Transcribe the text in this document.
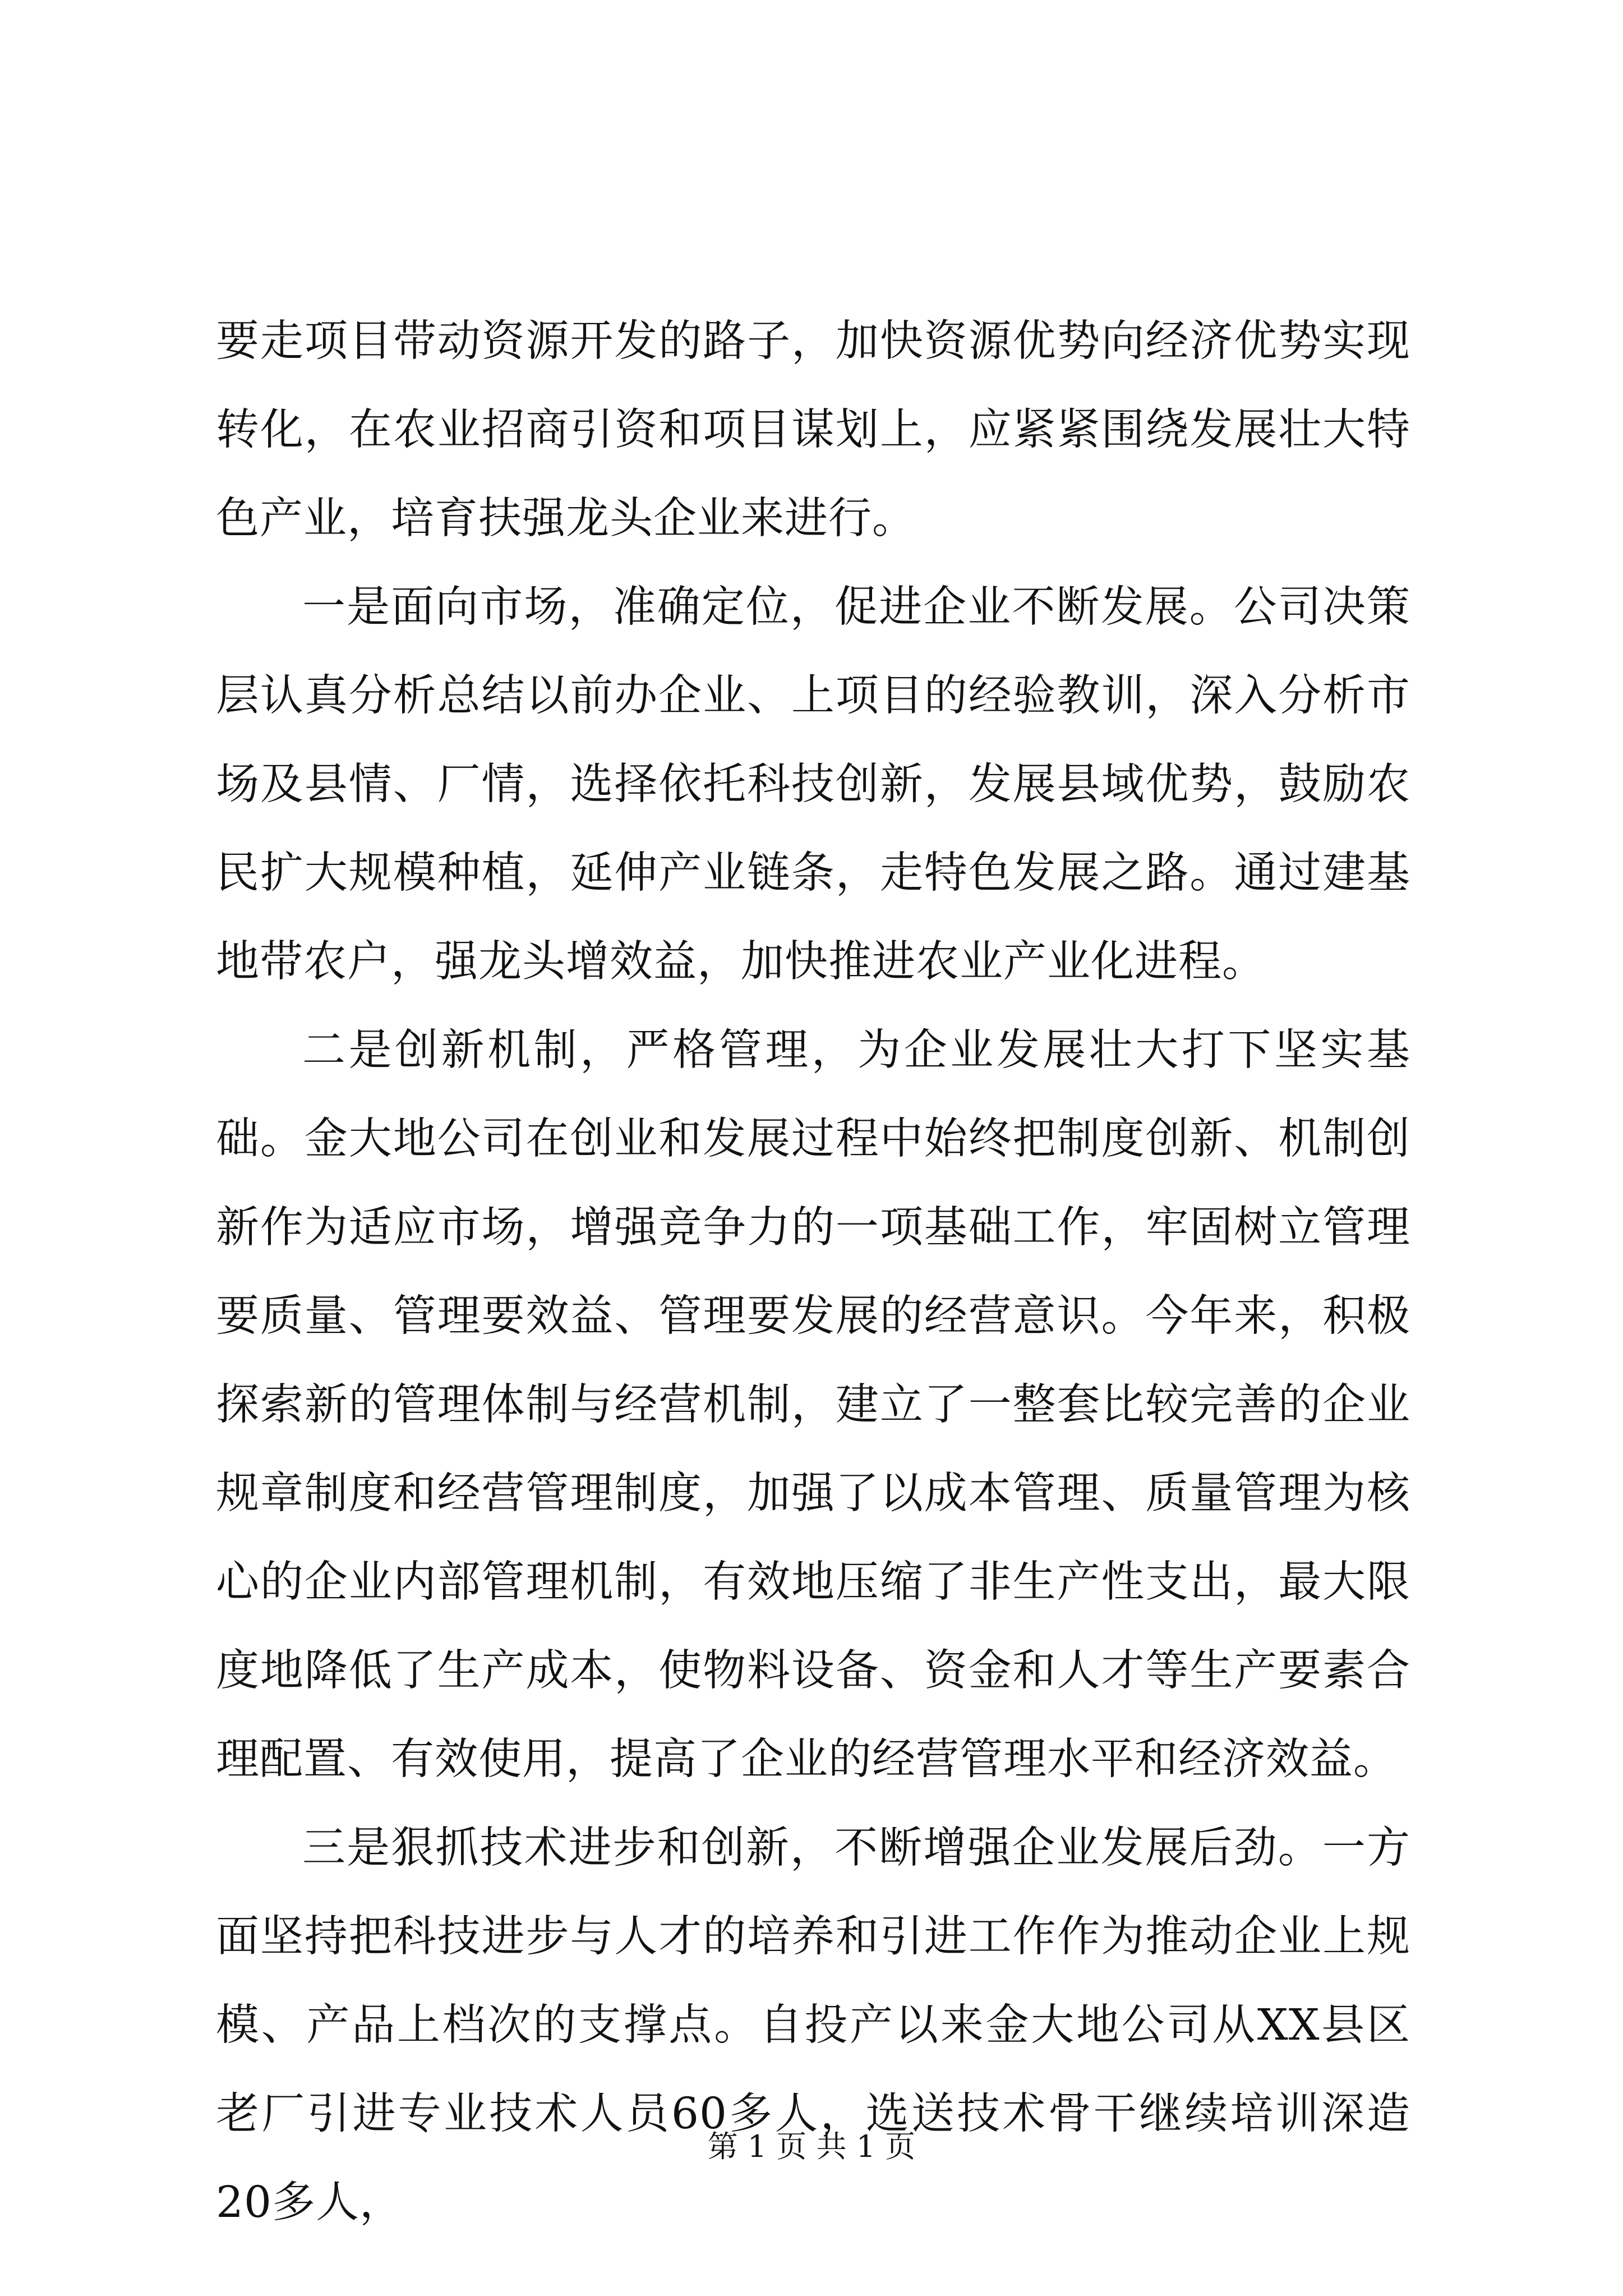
要走项目带动资源开发的路子，加快资源优势向经济优势实现转化，在农业招商引资和项目谋划上，应紧紧围绕发展壮大特色产业，培育扶强龙头企业来进行。

一是面向市场，准确定位，促进企业不断发展。公司决策层认真分析总结以前办企业、上项目的经验教训，深入分析市场及县情、厂情，选择依托科技创新，发展县域优势，鼓励农民扩大规模种植，延伸产业链条，走特色发展之路。通过建基地带农户，强龙头增效益，加快推进农业产业化进程。

二是创新机制，严格管理，为企业发展壮大打下坚实基础。金大地公司在创业和发展过程中始终把制度创新、机制创新作为适应市场，增强竞争力的一项基础工作，牢固树立管理要质量、管理要效益、管理要发展的经营意识。今年来，积极探索新的管理体制与经营机制，建立了一整套比较完善的企业规章制度和经营管理制度，加强了以成本管理、质量管理为核心的企业内部管理机制，有效地压缩了非生产性支出，最大限度地降低了生产成本，使物料设备、资金和人才等生产要素合理配置、有效使用，提高了企业的经营管理水平和经济效益。

三是狠抓技术进步和创新，不断增强企业发展后劲。一方面坚持把科技进步与人才的培养和引进工作作为推动企业上规模、产品上档次的支撑点。自投产以来金大地公司从XX县区老厂引进专业技术人员60多人，选送技术骨干继续培训深造20多人，

第 1 页 共 1 页
